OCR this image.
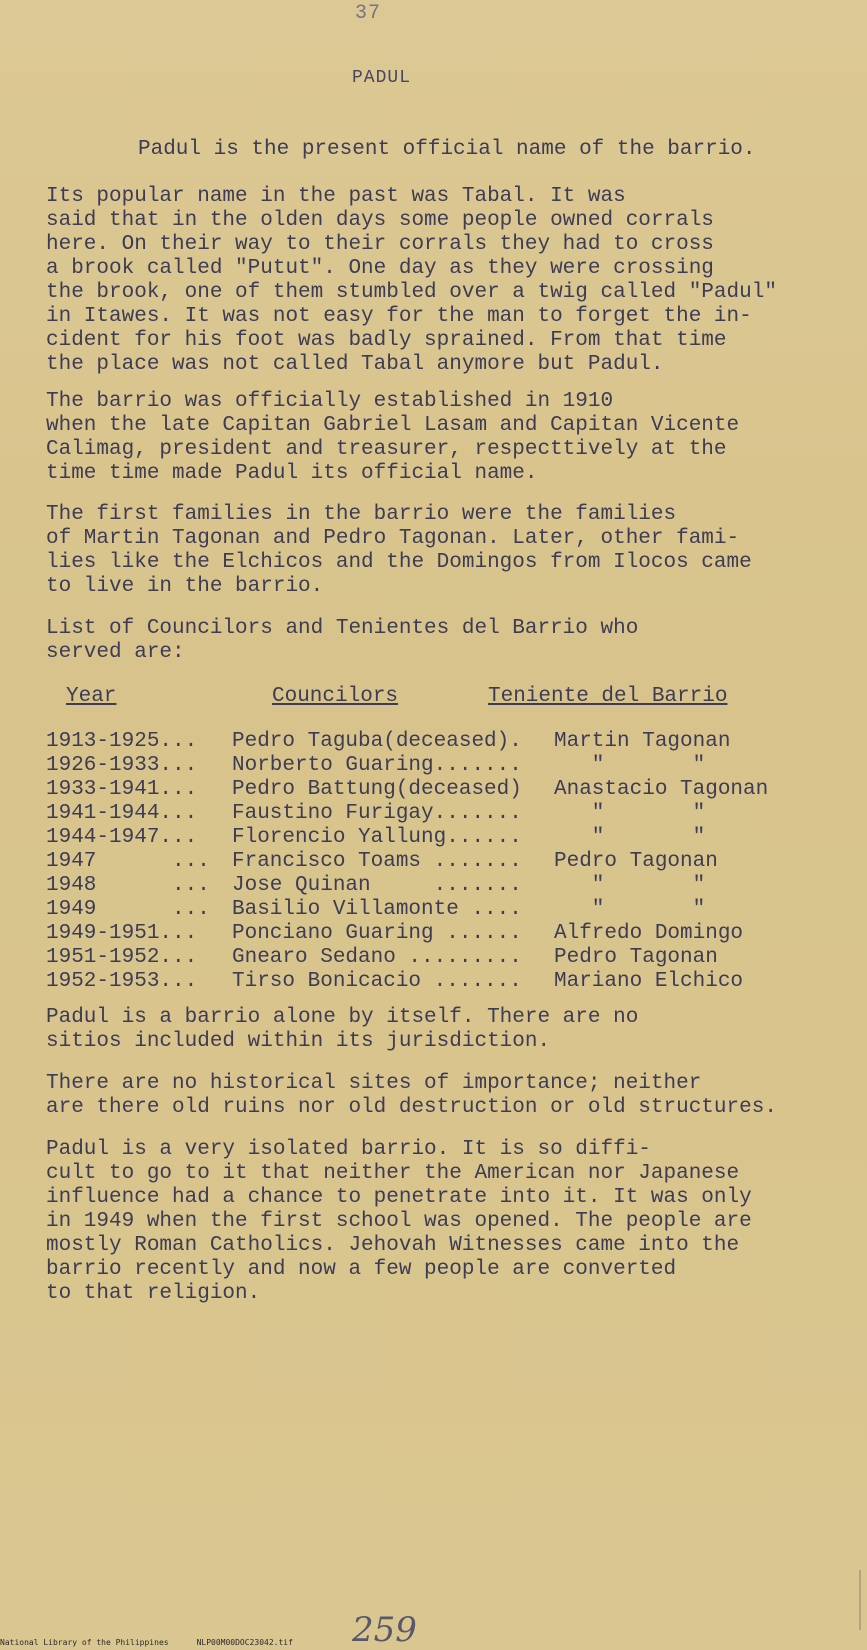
37
PADUL

Padul is the present official name of the barrio.

Its popular name in the past was Tabal. It was
said that in the olden days some people owned corrals
here. On their way to their corrals they had to cross
a brook called "Putut". One day as they were crossing
the brook, one of them stumbled over a twig called "Padul"
in Itawes. It was not easy for the man to forget the in-
cident for his foot was badly sprained. From that time
the place was not called Tabal anymore but Padul.

The barrio was officially established in 1910
when the late Capitan Gabriel Lasam and Capitan Vicente
Calimag, president and treasurer, respecttively at the
time time made Padul its official name.

The first families in the barrio were the families
of Martin Tagonan and Pedro Tagonan. Later, other fami-
lies like the Elchicos and the Domingos from Ilocos came
to live in the barrio.

List of Councilors and Tenientes del Barrio who
served are:

Year	Councilors	Teniente del Barrio
1913-1925...	Pedro Taguba(deceased).	Martin Tagonan
1926-1933...	Norberto Guaring.......	"       "
1933-1941...	Pedro Battung(deceased)	Anastacio Tagonan
1941-1944...	Faustino Furigay.......	"       "
1944-1947...	Florencio Yallung......	"       "
1947      ...	Francisco Toams .......	Pedro Tagonan
1948      ...	Jose Quinan     .......	"       "
1949      ...	Basilio Villamonte ....	"       "
1949-1951...	Ponciano Guaring ......	Alfredo Domingo
1951-1952...	Gnearo Sedano .........	Pedro Tagonan
1952-1953...	Tirso Bonicacio .......	Mariano Elchico

Padul is a barrio alone by itself. There are no
sitios included within its jurisdiction.

There are no historical sites of importance; neither
are there old ruins nor old destruction or old structures.

Padul is a very isolated barrio. It is so diffi-
cult to go to it that neither the American nor Japanese
influence had a chance to penetrate into it. It was only
in 1949 when the first school was opened. The people are
mostly Roman Catholics. Jehovah Witnesses came into the
barrio recently and now a few people are converted
to that religion.

259
National Library of the Philippines	NLP00M00DOC23042.tif
